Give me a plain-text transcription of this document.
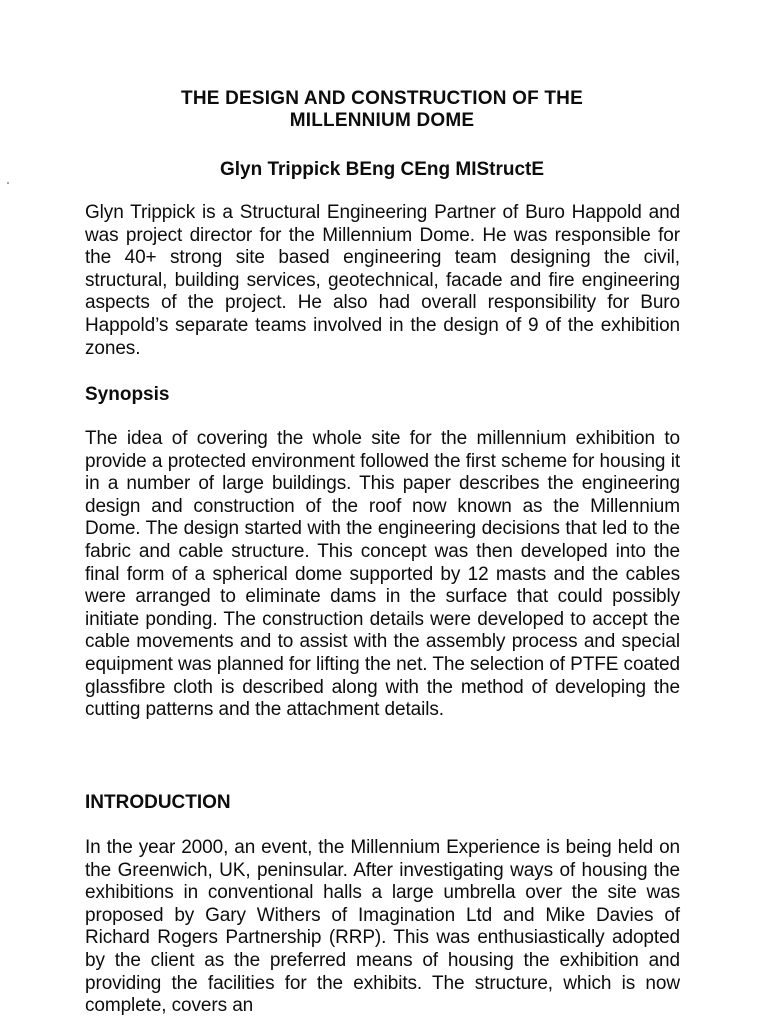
THE DESIGN AND CONSTRUCTION OF THE
MILLENNIUM DOME

Glyn Trippick BEng CEng MIStructE

Glyn Trippick is a Structural Engineering Partner of Buro Happold and was project director for the Millennium Dome. He was responsible for the 40+ strong site based engineering team designing the civil, structural, building services, geotechnical, facade and fire engineering aspects of the project. He also had overall responsibility for Buro Happold’s separate teams involved in the design of 9 of the exhibition zones.

Synopsis

The idea of covering the whole site for the millennium exhibition to provide a protected environment followed the first scheme for housing it in a number of large buildings. This paper describes the engineering design and construction of the roof now known as the Millennium Dome. The design started with the engineering decisions that led to the fabric and cable structure. This concept was then developed into the final form of a spherical dome supported by 12 masts and the cables were arranged to eliminate dams in the surface that could possibly initiate ponding. The construction details were developed to accept the cable movements and to assist with the assembly process and special equipment was planned for lifting the net. The selection of PTFE coated glassfibre cloth is described along with the method of developing the cutting patterns and the attachment details.

INTRODUCTION

In the year 2000, an event, the Millennium Experience is being held on the Greenwich, UK, peninsular. After investigating ways of housing the exhibitions in conventional halls a large umbrella over the site was proposed by Gary Withers of Imagination Ltd and Mike Davies of Richard Rogers Partnership (RRP). This was enthusiastically adopted by the client as the preferred means of housing the exhibition and providing the facilities for the exhibits. The structure, which is now complete, covers an
